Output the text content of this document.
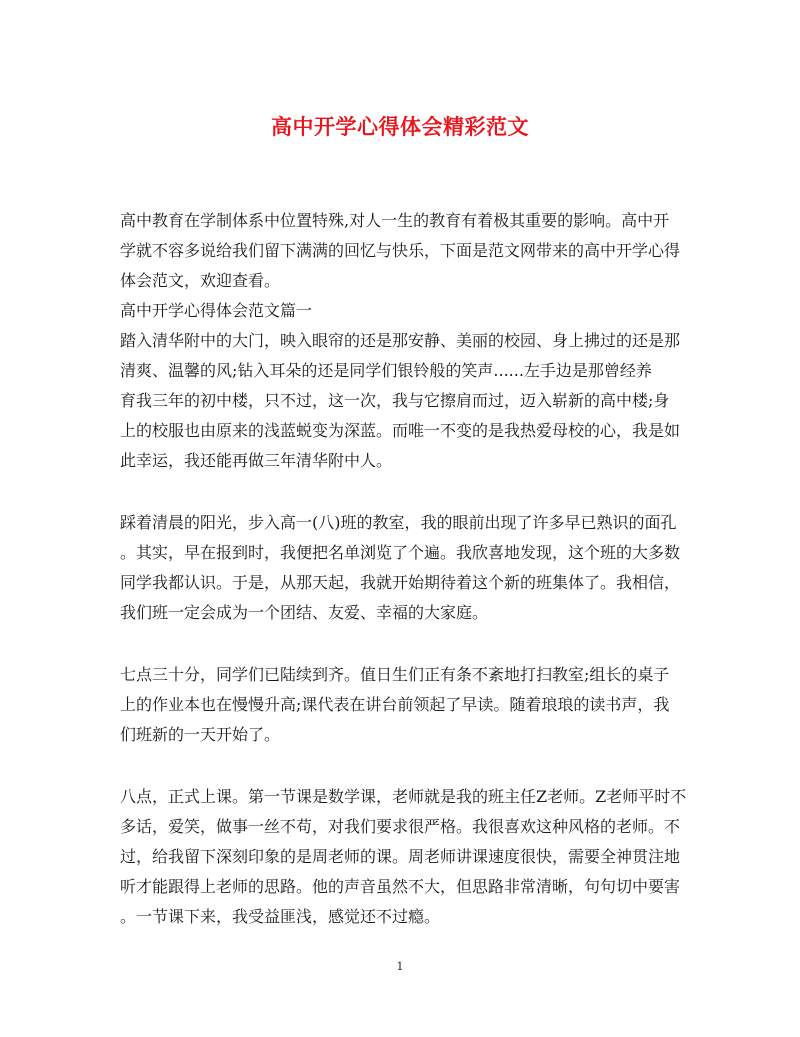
高中开学心得体会精彩范文
高中教育在学制体系中位置特殊,对人一生的教育有着极其重要的影响。高中开
学就不容多说给我们留下满满的回忆与快乐，下面是范文网带来的高中开学心得
体会范文，欢迎查看。
高中开学心得体会范文篇一
踏入清华附中的大门，映入眼帘的还是那安静、美丽的校园、身上拂过的还是那
清爽、温馨的风;钻入耳朵的还是同学们银铃般的笑声......左手边是那曾经养
育我三年的初中楼，只不过，这一次，我与它擦肩而过，迈入崭新的高中楼;身
上的校服也由原来的浅蓝蜕变为深蓝。而唯一不变的是我热爱母校的心，我是如
此幸运，我还能再做三年清华附中人。
踩着清晨的阳光，步入高一(八)班的教室，我的眼前出现了许多早已熟识的面孔
。其实，早在报到时，我便把名单浏览了个遍。我欣喜地发现，这个班的大多数
同学我都认识。于是，从那天起，我就开始期待着这个新的班集体了。我相信，
我们班一定会成为一个团结、友爱、幸福的大家庭。
七点三十分，同学们已陆续到齐。值日生们正有条不紊地打扫教室;组长的桌子
上的作业本也在慢慢升高;课代表在讲台前领起了早读。随着琅琅的读书声，我
们班新的一天开始了。
八点，正式上课。第一节课是数学课，老师就是我的班主任Z老师。Z老师平时不
多话，爱笑，做事一丝不苟，对我们要求很严格。我很喜欢这种风格的老师。不
过，给我留下深刻印象的是周老师的课。周老师讲课速度很快，需要全神贯注地
听才能跟得上老师的思路。他的声音虽然不大，但思路非常清晰，句句切中要害
。一节课下来，我受益匪浅，感觉还不过瘾。
1
